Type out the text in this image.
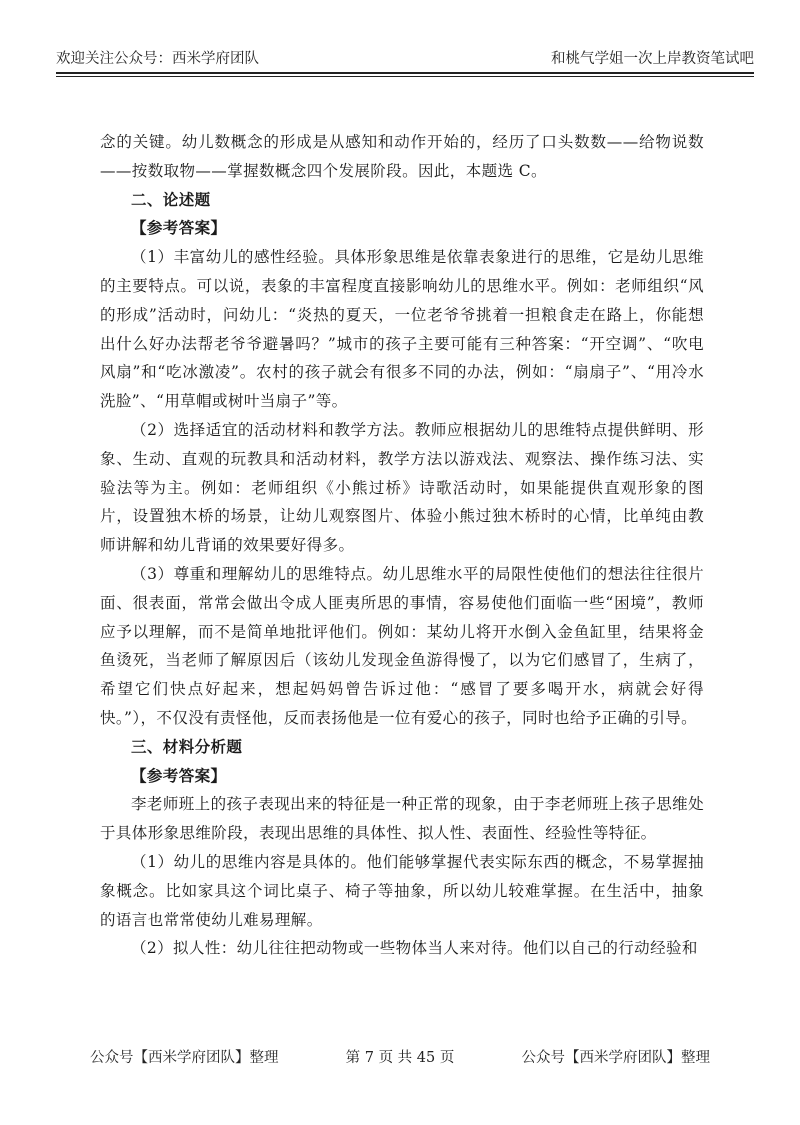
欢迎关注公众号：西米学府团队	和桃气学姐一次上岸教资笔试吧

念的关键。幼儿数概念的形成是从感知和动作开始的，经历了口头数数——给物说数——按数取物——掌握数概念四个发展阶段。因此，本题选 C。

二、论述题

【参考答案】

（1）丰富幼儿的感性经验。具体形象思维是依靠表象进行的思维，它是幼儿思维的主要特点。可以说，表象的丰富程度直接影响幼儿的思维水平。例如：老师组织“风的形成”活动时，问幼儿：“炎热的夏天，一位老爷爷挑着一担粮食走在路上，你能想出什么好办法帮老爷爷避暑吗？”城市的孩子主要可能有三种答案：“开空调”、“吹电风扇”和“吃冰激凌”。农村的孩子就会有很多不同的办法，例如：“扇扇子”、“用冷水洗脸”、“用草帽或树叶当扇子”等。

（2）选择适宜的活动材料和教学方法。教师应根据幼儿的思维特点提供鲜明、形象、生动、直观的玩教具和活动材料，教学方法以游戏法、观察法、操作练习法、实验法等为主。例如：老师组织《小熊过桥》诗歌活动时，如果能提供直观形象的图片，设置独木桥的场景，让幼儿观察图片、体验小熊过独木桥时的心情，比单纯由教师讲解和幼儿背诵的效果要好得多。

（3）尊重和理解幼儿的思维特点。幼儿思维水平的局限性使他们的想法往往很片面、很表面，常常会做出令成人匪夷所思的事情，容易使他们面临一些“困境”，教师应予以理解，而不是简单地批评他们。例如：某幼儿将开水倒入金鱼缸里，结果将金鱼烫死，当老师了解原因后（该幼儿发现金鱼游得慢了，以为它们感冒了，生病了，希望它们快点好起来，想起妈妈曾告诉过他：“感冒了要多喝开水，病就会好得快。”），不仅没有责怪他，反而表扬他是一位有爱心的孩子，同时也给予正确的引导。

三、材料分析题

【参考答案】

李老师班上的孩子表现出来的特征是一种正常的现象，由于李老师班上孩子思维处于具体形象思维阶段，表现出思维的具体性、拟人性、表面性、经验性等特征。

（1）幼儿的思维内容是具体的。他们能够掌握代表实际东西的概念，不易掌握抽象概念。比如家具这个词比桌子、椅子等抽象，所以幼儿较难掌握。在生活中，抽象的语言也常常使幼儿难易理解。

（2）拟人性：幼儿往往把动物或一些物体当人来对待。他们以自己的行动经验和

公众号【西米学府团队】整理	第 7 页 共 45 页	公众号【西米学府团队】整理
